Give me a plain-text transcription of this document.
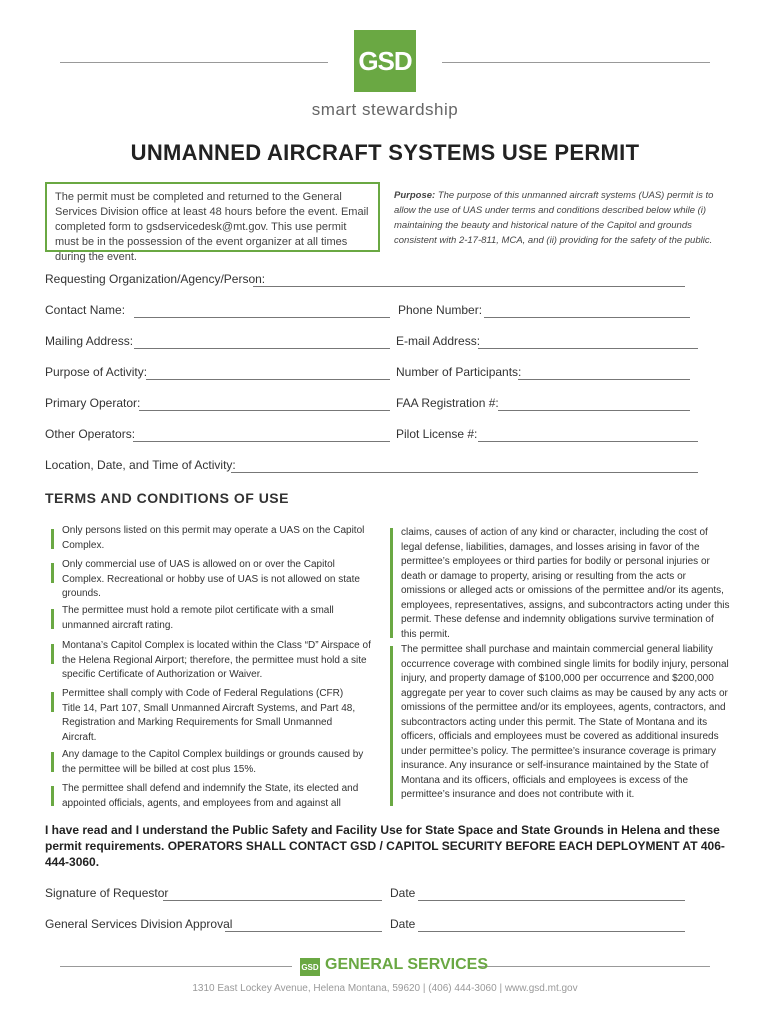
GSD
smart stewardship
UNMANNED AIRCRAFT SYSTEMS USE PERMIT
The permit must be completed and returned to the General Services Division office at least 48 hours before the event. Email completed form to gsdservicedesk@mt.gov. This use permit must be in the possession of the event organizer at all times during the event.
Purpose: The purpose of this unmanned aircraft systems (UAS) permit is to allow the use of UAS under terms and conditions described below while (i) maintaining the beauty and historical nature of the Capitol and grounds consistent with 2-17-811, MCA, and (ii) providing for the safety of the public.
Requesting Organization/Agency/Person:
Contact Name:	Phone Number:
Mailing Address:	E-mail Address:
Purpose of Activity:	Number of Participants:
Primary Operator:	FAA Registration #:
Other Operators:	Pilot License #:
Location, Date, and Time of Activity:
TERMS AND CONDITIONS OF USE
Only persons listed on this permit may operate a UAS on the Capitol Complex.
Only commercial use of UAS is allowed on or over the Capitol Complex. Recreational or hobby use of UAS is not allowed on state grounds.
The permittee must hold a remote pilot certificate with a small unmanned aircraft rating.
Montana’s Capitol Complex is located within the Class “D” Airspace of the Helena Regional Airport; therefore, the permittee must hold a site specific Certificate of Authorization or Waiver.
Permittee shall comply with Code of Federal Regulations (CFR) Title 14, Part 107, Small Unmanned Aircraft Systems, and Part 48, Registration and Marking Requirements for Small Unmanned Aircraft.
Any damage to the Capitol Complex buildings or grounds caused by the permittee will be billed at cost plus 15%.
The permittee shall defend and indemnify the State, its elected and appointed officials, agents, and employees from and against all
claims, causes of action of any kind or character, including the cost of legal defense, liabilities, damages, and losses arising in favor of the permittee’s employees or third parties for bodily or personal injuries or death or damage to property, arising or resulting from the acts or omissions or alleged acts or omissions of the permittee and/or its agents, employees, representatives, assigns, and subcontractors acting under this permit. These defense and indemnity obligations survive termination of this permit.
The permittee shall purchase and maintain commercial general liability occurrence coverage with combined single limits for bodily injury, personal injury, and property damage of $100,000 per occurrence and $200,000 aggregate per year to cover such claims as may be caused by any acts or omissions of the permittee and/or its employees, agents, contractors, and subcontractors acting under this permit. The State of Montana and its officers, officials and employees must be covered as additional insureds under permittee’s policy. The permittee’s insurance coverage is primary insurance. Any insurance or self-insurance maintained by the State of Montana and its officers, officials and employees is excess of the permittee’s insurance and does not contribute with it.
I have read and I understand the Public Safety and Facility Use for State Space and State Grounds in Helena and these permit requirements. OPERATORS SHALL CONTACT GSD / CAPITOL SECURITY BEFORE EACH DEPLOYMENT AT 406-444-3060.
Signature of Requestor	Date
General Services Division Approval	Date
GSD GENERAL SERVICES
1310 East Lockey Avenue, Helena Montana, 59620 | (406) 444-3060 | www.gsd.mt.gov
